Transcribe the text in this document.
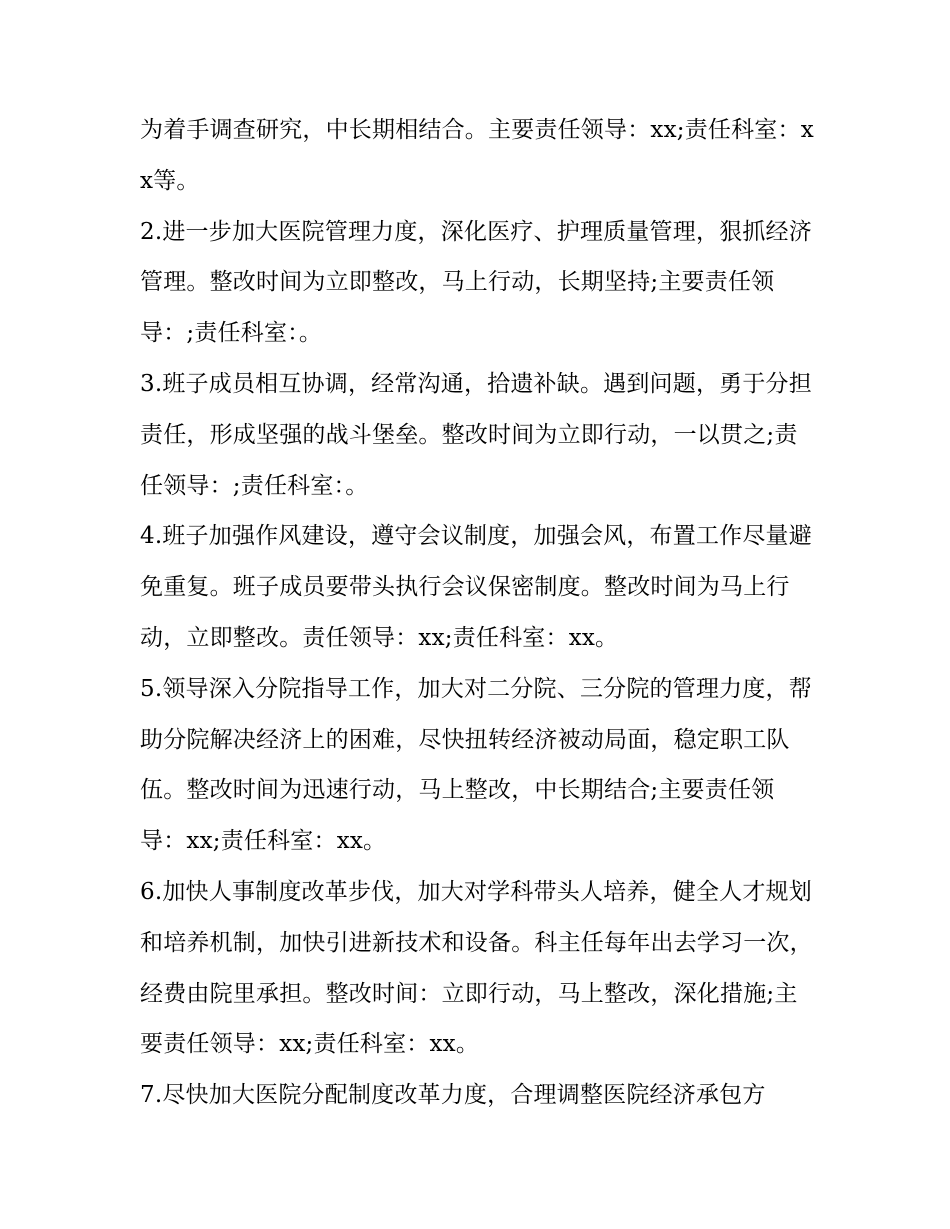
为着手调查研究，中长期相结合。主要责任领导：xx;责任科室：xx等。

2.进一步加大医院管理力度，深化医疗、护理质量管理，狠抓经济管理。整改时间为立即整改，马上行动，长期坚持;主要责任领导：;责任科室：。

3.班子成员相互协调，经常沟通，拾遗补缺。遇到问题，勇于分担责任，形成坚强的战斗堡垒。整改时间为立即行动，一以贯之;责任领导：;责任科室：。

4.班子加强作风建设，遵守会议制度，加强会风，布置工作尽量避免重复。班子成员要带头执行会议保密制度。整改时间为马上行动，立即整改。责任领导：xx;责任科室：xx。

5.领导深入分院指导工作，加大对二分院、三分院的管理力度，帮助分院解决经济上的困难，尽快扭转经济被动局面，稳定职工队伍。整改时间为迅速行动，马上整改，中长期结合;主要责任领导：xx;责任科室：xx。

6.加快人事制度改革步伐，加大对学科带头人培养，健全人才规划和培养机制，加快引进新技术和设备。科主任每年出去学习一次，经费由院里承担。整改时间：立即行动，马上整改，深化措施;主要责任领导：xx;责任科室：xx。

7.尽快加大医院分配制度改革力度，合理调整医院经济承包方
